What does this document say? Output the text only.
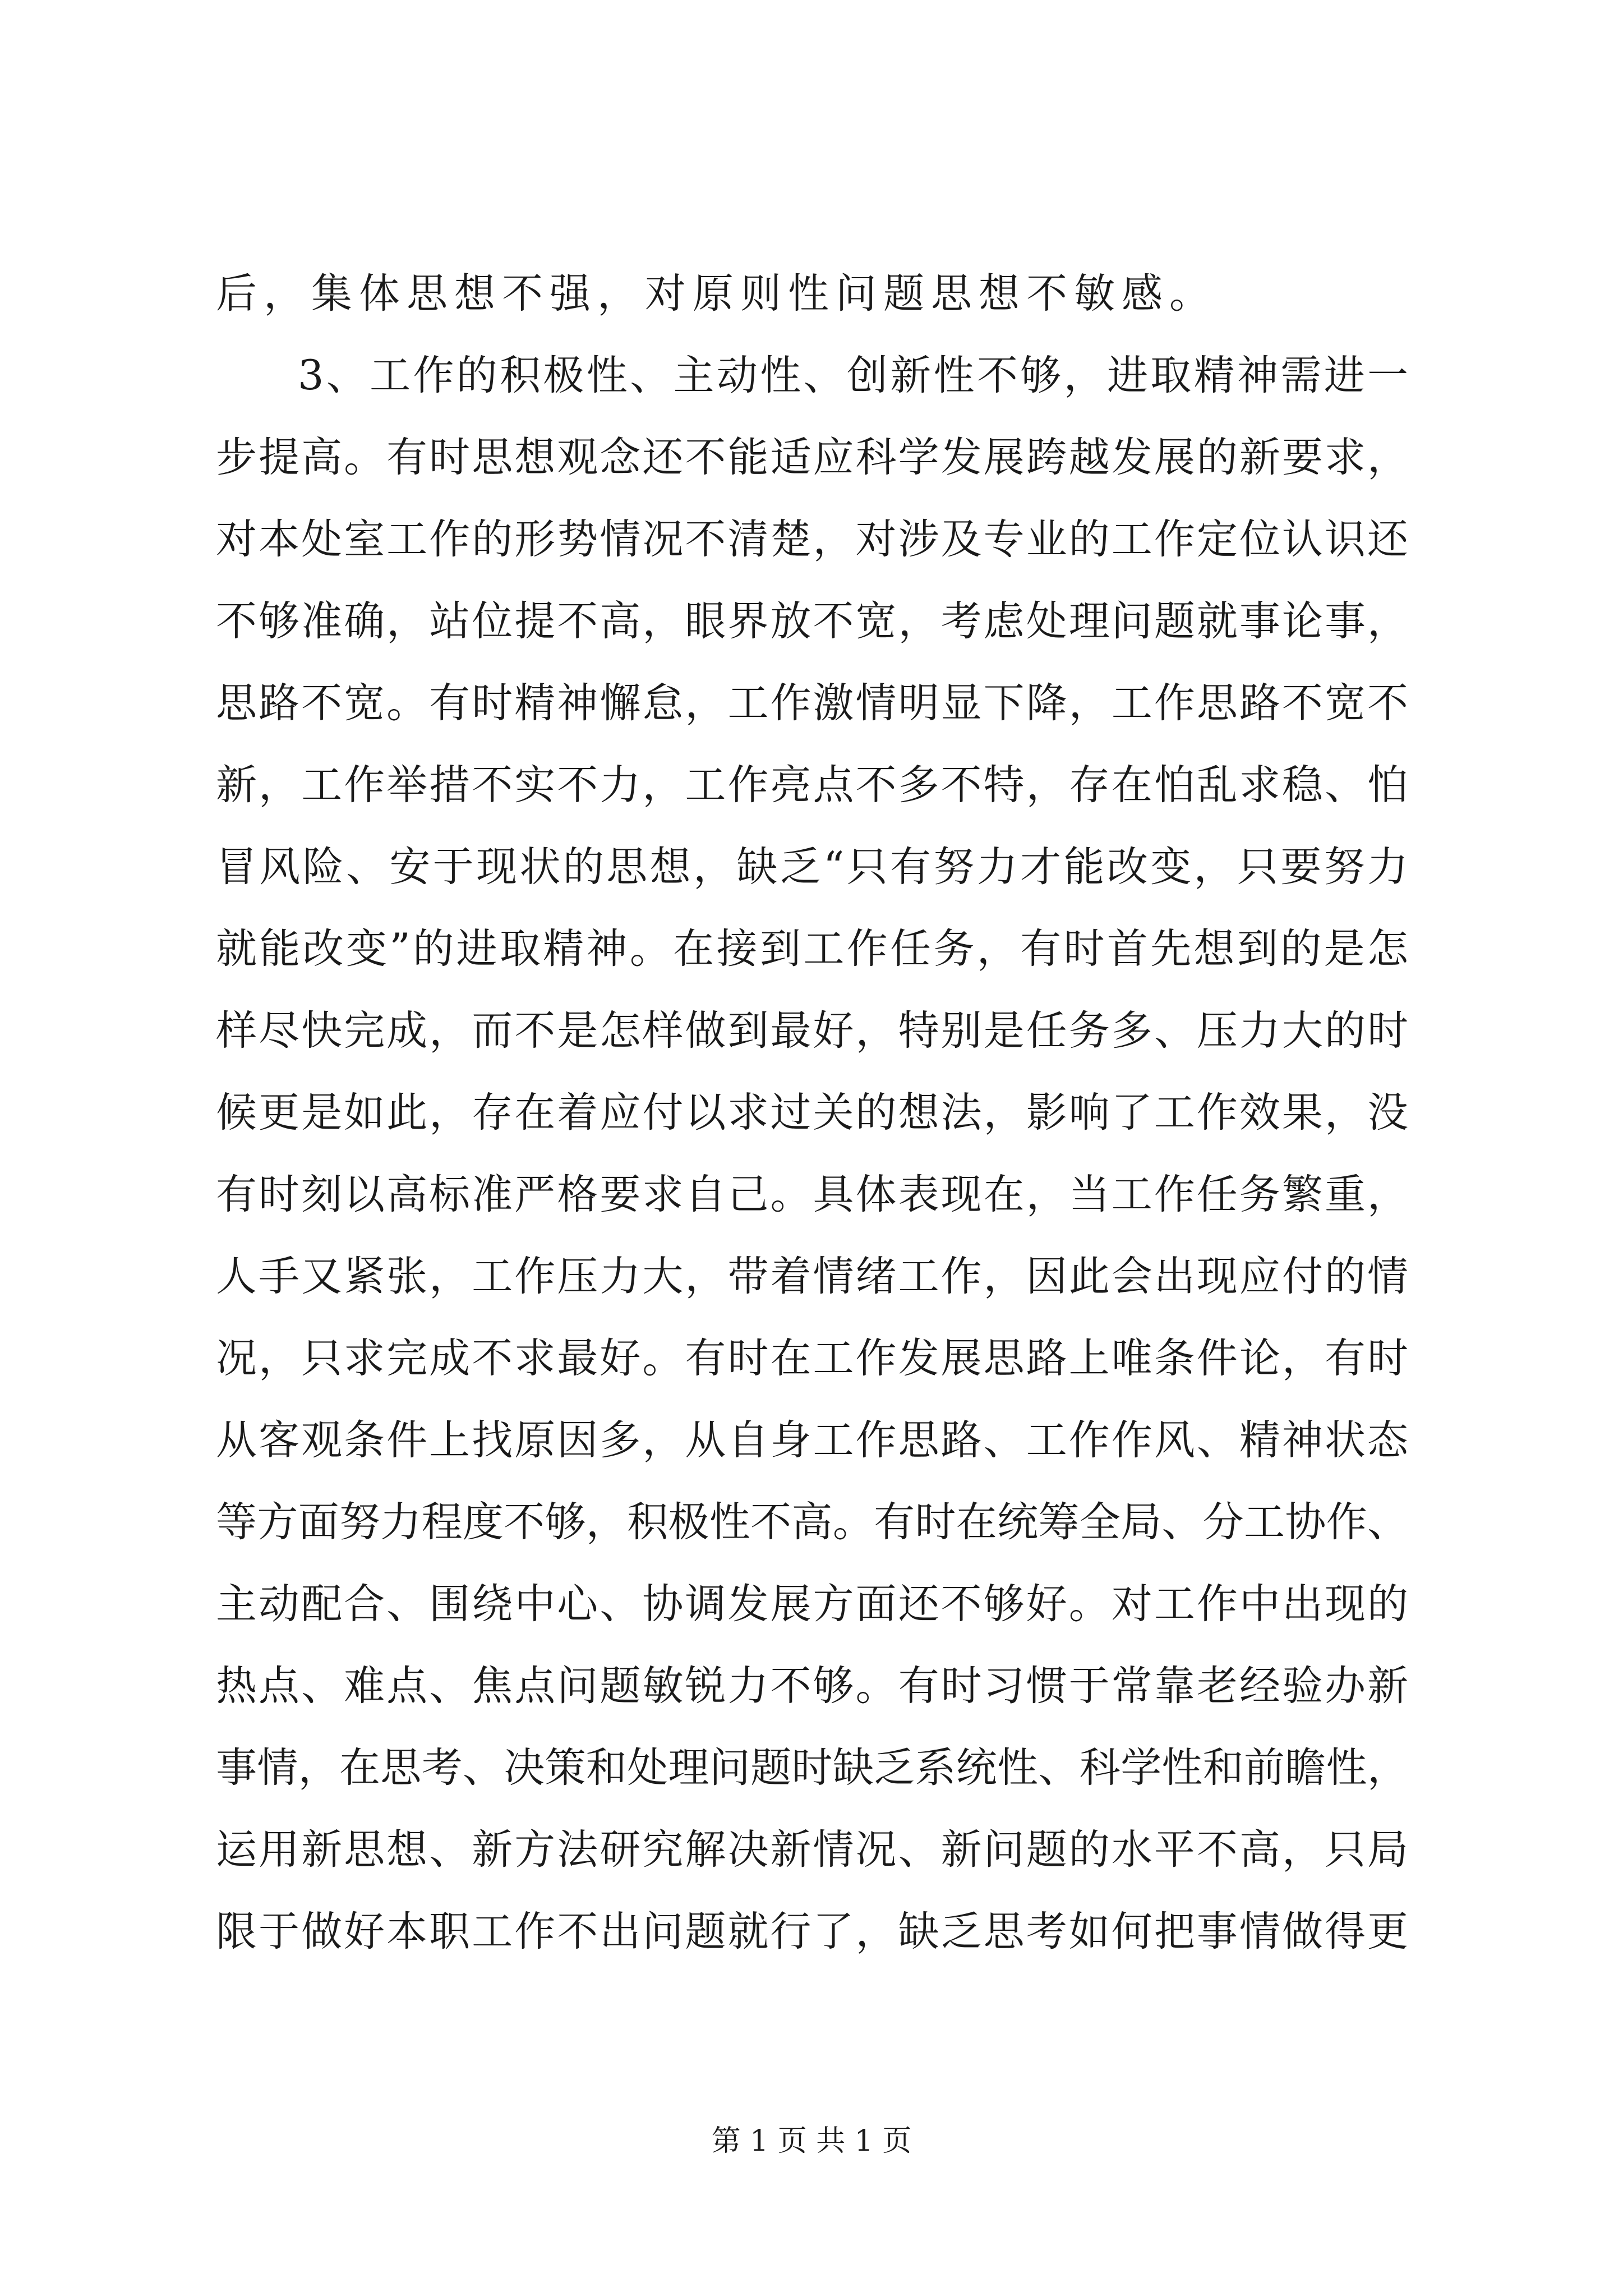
后，集体思想不强，对原则性问题思想不敏感。
3、工作的积极性、主动性、创新性不够，进取精神需进一
步提高。有时思想观念还不能适应科学发展跨越发展的新要求，
对本处室工作的形势情况不清楚，对涉及专业的工作定位认识还
不够准确，站位提不高，眼界放不宽，考虑处理问题就事论事，
思路不宽。有时精神懈怠，工作激情明显下降，工作思路不宽不
新，工作举措不实不力，工作亮点不多不特，存在怕乱求稳、怕
冒风险、安于现状的思想，缺乏“只有努力才能改变，只要努力
就能改变”的进取精神。在接到工作任务，有时首先想到的是怎
样尽快完成，而不是怎样做到最好，特别是任务多、压力大的时
候更是如此，存在着应付以求过关的想法，影响了工作效果，没
有时刻以高标准严格要求自己。具体表现在，当工作任务繁重，
人手又紧张，工作压力大，带着情绪工作，因此会出现应付的情
况，只求完成不求最好。有时在工作发展思路上唯条件论，有时
从客观条件上找原因多，从自身工作思路、工作作风、精神状态
等方面努力程度不够，积极性不高。有时在统筹全局、分工协作、
主动配合、围绕中心、协调发展方面还不够好。对工作中出现的
热点、难点、焦点问题敏锐力不够。有时习惯于常靠老经验办新
事情，在思考、决策和处理问题时缺乏系统性、科学性和前瞻性，
运用新思想、新方法研究解决新情况、新问题的水平不高，只局
限于做好本职工作不出问题就行了，缺乏思考如何把事情做得更
第 1 页 共 1 页
